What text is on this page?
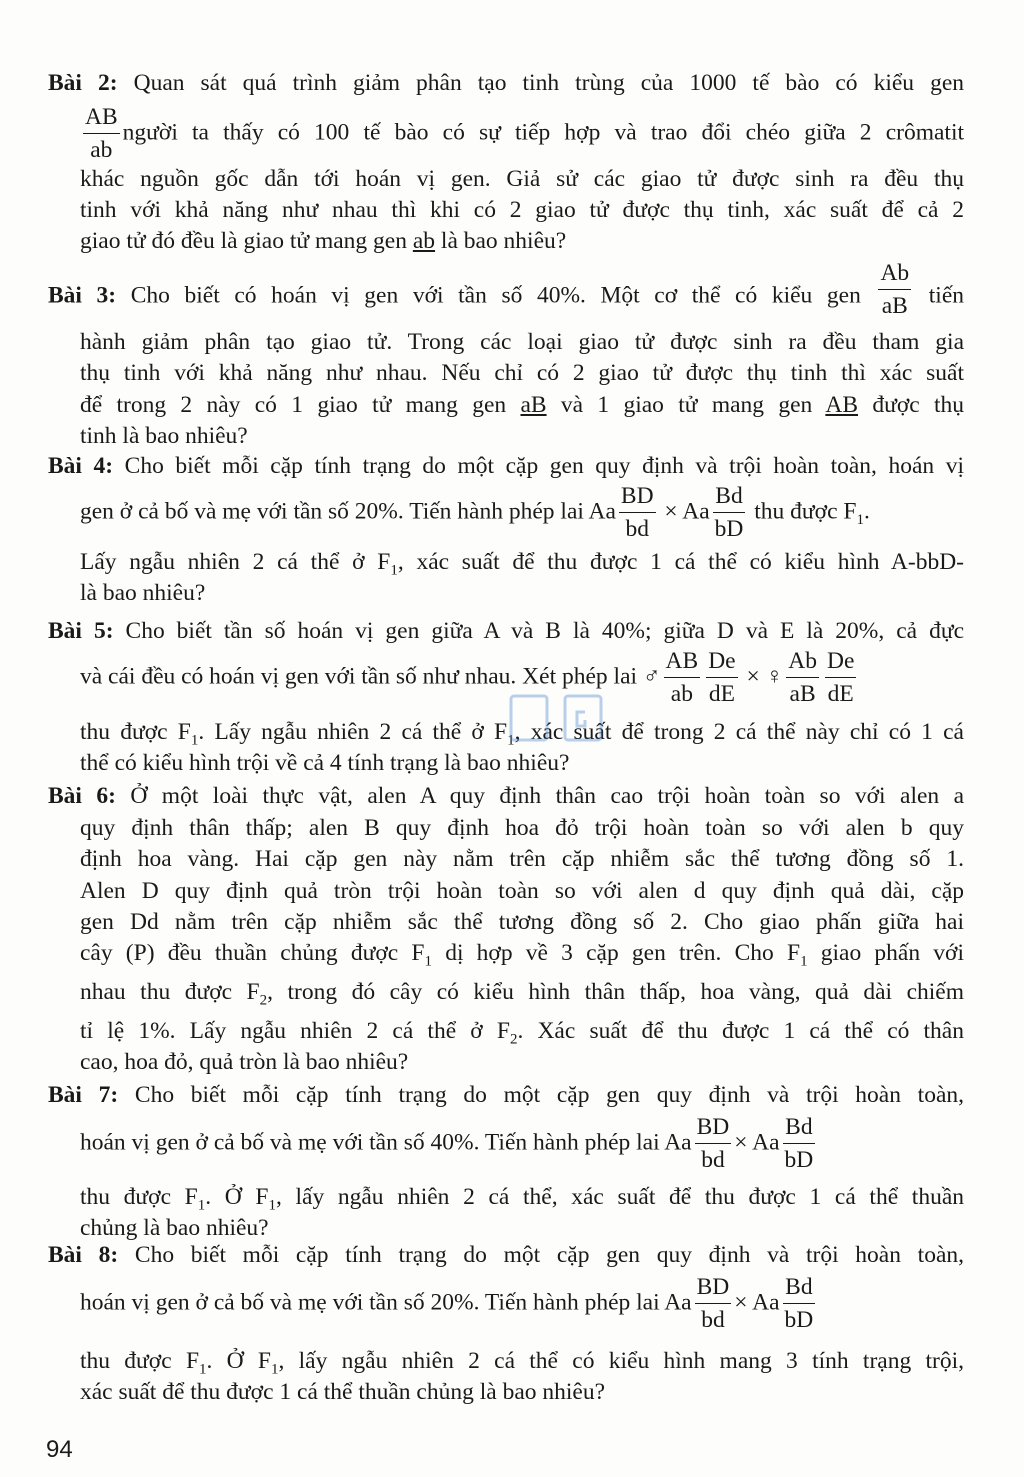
Bài 2: Quan sát quá trình giảm phân tạo tinh trùng của 1000 tế bào có kiểu gen
$\frac{AB}{ab}$ người ta thấy có 100 tế bào có sự tiếp hợp và trao đổi chéo giữa 2 crômatit
khác nguồn gốc dẫn tới hoán vị gen. Giả sử các giao tử được sinh ra đều thụ
tinh với khả năng như nhau thì khi có 2 giao tử được thụ tinh, xác suất để cả 2
giao tử đó đều là giao tử mang gen ab là bao nhiêu?
Bài 3: Cho biết có hoán vị gen với tần số 40%. Một cơ thể có kiểu gen $\frac{Ab}{aB}$ tiến
hành giảm phân tạo giao tử. Trong các loại giao tử được sinh ra đều tham gia
thụ tinh với khả năng như nhau. Nếu chỉ có 2 giao tử được thụ tinh thì xác suất
để trong 2 này có 1 giao tử mang gen aB và 1 giao tử mang gen AB được thụ
tinh là bao nhiêu?
Bài 4: Cho biết mỗi cặp tính trạng do một cặp gen quy định và trội hoàn toàn, hoán vị
gen ở cả bố và mẹ với tần số 20%. Tiến hành phép lai Aa $\frac{BD}{bd} \times Aa \frac{Bd}{bD}$ thu được $F_1$.
Lấy ngẫu nhiên 2 cá thể ở $F_1$, xác suất để thu được 1 cá thể có kiểu hình A-bbD-
là bao nhiêu?
Bài 5: Cho biết tần số hoán vị gen giữa A và B là 40%; giữa D và E là 20%, cả đực
và cái đều có hoán vị gen với tần số như nhau. Xét phép lai ♂ $\frac{AB}{ab} \frac{De}{dE}$ × ♀ $\frac{Ab}{aB} \frac{De}{dE}$
thu được $F_1$. Lấy ngẫu nhiên 2 cá thể ở $F_1$, xác suất để trong 2 cá thể này chỉ có 1 cá
thể có kiểu hình trội về cả 4 tính trạng là bao nhiêu?
Bài 6: Ở một loài thực vật, alen A quy định thân cao trội hoàn toàn so với alen a
quy định thân thấp; alen B quy định hoa đỏ trội hoàn toàn so với alen b quy
định hoa vàng. Hai cặp gen này nằm trên cặp nhiễm sắc thể tương đồng số 1.
Alen D quy định quả tròn trội hoàn toàn so với alen d quy định quả dài, cặp
gen Dd nằm trên cặp nhiễm sắc thể tương đồng số 2. Cho giao phấn giữa hai
cây (P) đều thuần chủng được $F_1$ dị hợp về 3 cặp gen trên. Cho $F_1$ giao phấn với
nhau thu được $F_2$, trong đó cây có kiểu hình thân thấp, hoa vàng, quả dài chiếm
tỉ lệ 1%. Lấy ngẫu nhiên 2 cá thể ở $F_2$. Xác suất để thu được 1 cá thể có thân
cao, hoa đỏ, quả tròn là bao nhiêu?
Bài 7: Cho biết mỗi cặp tính trạng do một cặp gen quy định và trội hoàn toàn,
hoán vị gen ở cả bố và mẹ với tần số 40%. Tiến hành phép lai Aa $\frac{BD}{bd} \times Aa \frac{Bd}{bD}$
thu được $F_1$. Ở $F_1$, lấy ngẫu nhiên 2 cá thể, xác suất để thu được 1 cá thể thuần
chủng là bao nhiêu?
Bài 8: Cho biết mỗi cặp tính trạng do một cặp gen quy định và trội hoàn toàn,
hoán vị gen ở cả bố và mẹ với tần số 20%. Tiến hành phép lai Aa $\frac{BD}{bd} \times Aa \frac{Bd}{bD}$
thu được $F_1$. Ở $F_1$, lấy ngẫu nhiên 2 cá thể có kiểu hình mang 3 tính trạng trội,
xác suất để thu được 1 cá thể thuần chủng là bao nhiêu?
94
